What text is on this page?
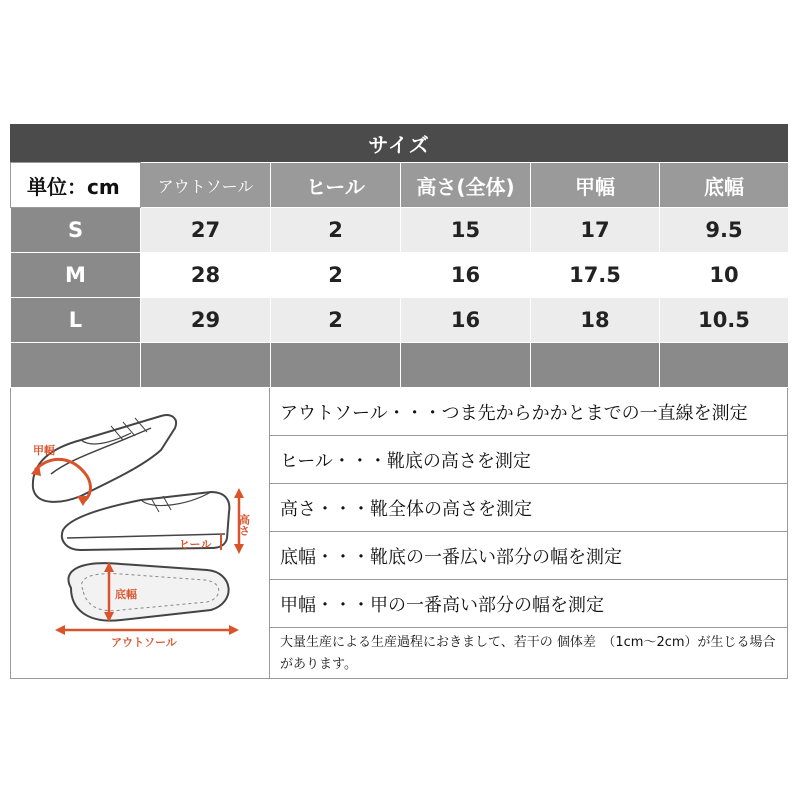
サイズ
単位：cm	アウトソール	ヒール	高さ(全体)	甲幅	底幅
S	27	2	15	17	9.5
M	28	2	16	17.5	10
L	29	2	16	18	10.5

甲幅
高さ
ヒール
底幅
アウトソール
アウトソール・・・つま先からかかとまでの一直線を測定
ヒール・・・靴底の高さを測定
高さ・・・靴全体の高さを測定
底幅・・・靴底の一番広い部分の幅を測定
甲幅・・・甲の一番高い部分の幅を測定
大量生産による生産過程におきまして、若干の 個体差　（1cm～2cm）が生じる場合があります。
